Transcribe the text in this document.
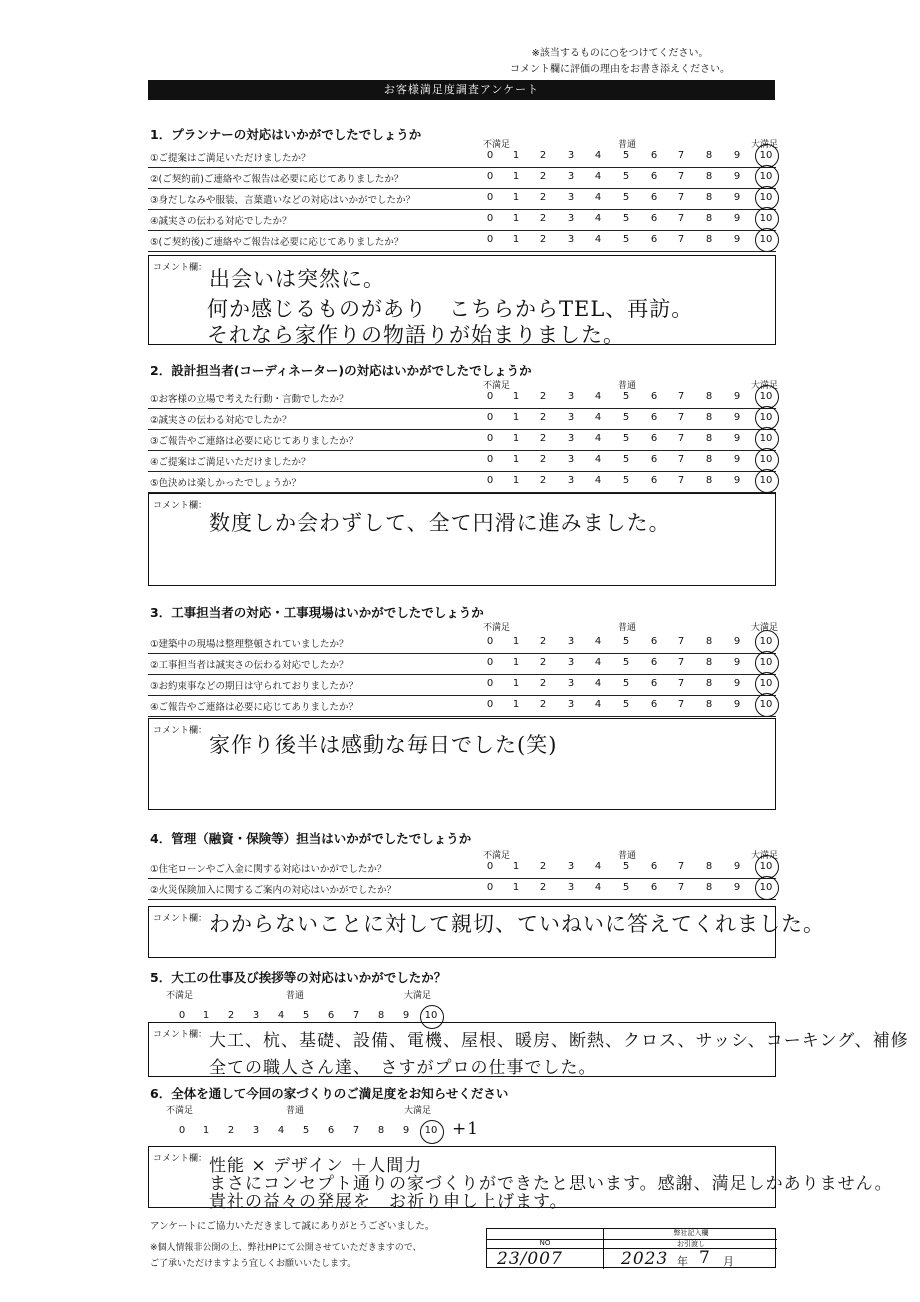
※該当するものに○をつけてください。
コメント欄に評価の理由をお書き添えください。
お客様満足度調査アンケート
1．プランナーの対応はいかがでしたでしょうか
不満足	普通	大満足
①ご提案はご満足いただけましたか？	0	1	2	3	4	5	6	7	8	9	10
②(ご契約前)ご連絡やご報告は必要に応じてありましたか？	0	1	2	3	4	5	6	7	8	9	10
③身だしなみや服装、言葉遣いなどの対応はいかがでしたか？	0	1	2	3	4	5	6	7	8	9	10
④誠実さの伝わる対応でしたか？	0	1	2	3	4	5	6	7	8	9	10
⑤(ご契約後)ご連絡やご報告は必要に応じてありましたか？	0	1	2	3	4	5	6	7	8	9	10
コメント欄： 出会いは突然に。
何か感じるものがあり　こちらからTEL、再訪。
それなら家作りの物語りが始まりました。
2．設計担当者(コーディネーター)の対応はいかがでしたでしょうか
不満足	普通	大満足
①お客様の立場で考えた行動・言動でしたか？	0	1	2	3	4	5	6	7	8	9	10
②誠実さの伝わる対応でしたか？	0	1	2	3	4	5	6	7	8	9	10
③ご報告やご連絡は必要に応じてありましたか？	0	1	2	3	4	5	6	7	8	9	10
④ご提案はご満足いただけましたか？	0	1	2	3	4	5	6	7	8	9	10
⑤色決めは楽しかったでしょうか？	0	1	2	3	4	5	6	7	8	9	10
コメント欄：
数度しか会わずして、全て円滑に進みました。
3．工事担当者の対応・工事現場はいかがでしたでしょうか
不満足	普通	大満足
①建築中の現場は整理整頓されていましたか？	0	1	2	3	4	5	6	7	8	9	10
②工事担当者は誠実さの伝わる対応でしたか？	0	1	2	3	4	5	6	7	8	9	10
③お約束事などの期日は守られておりましたか？	0	1	2	3	4	5	6	7	8	9	10
④ご報告やご連絡は必要に応じてありましたか？	0	1	2	3	4	5	6	7	8	9	10
コメント欄：
家作り後半は感動な毎日でした(笑)
4．管理（融資・保険等）担当はいかがでしたでしょうか
不満足	普通	大満足
①住宅ローンやご入金に関する対応はいかがでしたか？	0	1	2	3	4	5	6	7	8	9	10
②火災保険加入に関するご案内の対応はいかがでしたか？	0	1	2	3	4	5	6	7	8	9	10
コメント欄： わからないことに対して親切、ていねいに答えてくれました。
5．大工の仕事及び挨拶等の対応はいかがでしたか？
不満足	普通	大満足
0	1	2	3	4	5	6	7	8	9	10
コメント欄： 大工、杭、基礎、設備、電機、屋根、暖房、断熱、クロス、サッシ、コーキング、補修
全ての職人さん達、　さすがプロの仕事でした。
6．全体を通して今回の家づくりのご満足度をお知らせください
不満足	普通	大満足
0	1	2	3	4	5	6	7	8	9	10 +1
コメント欄： 性能 × デザイン ＋人間力
まさにコンセプト通りの家づくりができたと思います。感謝、満足しかありません。
貴社の益々の発展を　お祈り申し上げます。
アンケートにご協力いただきまして誠にありがとうございました。
※個人情報非公開の上、弊社HPにて公開させていただきますので、
ご了承いただけますよう宜しくお願いいたします。
弊社記入欄
NO	お引渡し
23/007	2023 年 7 月
